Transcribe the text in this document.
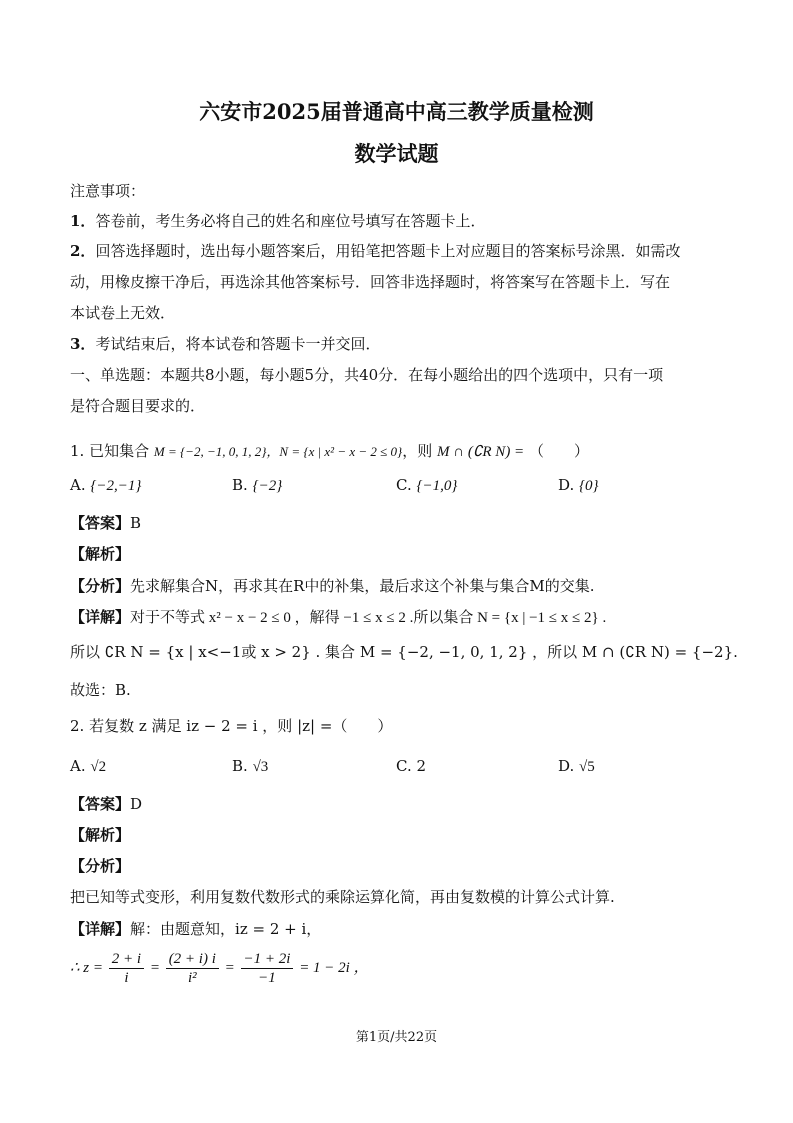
六安市2025届普通高中高三教学质量检测
数学试题
注意事项：
1．答卷前，考生务必将自己的姓名和座位号填写在答题卡上．
2．回答选择题时，选出每小题答案后，用铅笔把答题卡上对应题目的答案标号涂黑．如需改
动，用橡皮擦干净后，再选涂其他答案标号．回答非选择题时，将答案写在答题卡上．写在
本试卷上无效．
3．考试结束后，将本试卷和答题卡一并交回．
一、单选题：本题共8小题，每小题5分，共40分．在每小题给出的四个选项中，只有一项
是符合题目要求的．
1. 已知集合 M = {−2, −1, 0, 1, 2}，N = {x | x² − x − 2 ≤ 0}，则 M ∩ (∁R N) = （　　）
A. {−2,−1}	B. {−2}	C. {−1,0}	D. {0}
【答案】B
【解析】
【分析】先求解集合N，再求其在R中的补集，最后求这个补集与集合M的交集.
【详解】对于不等式 x² − x − 2 ≤ 0 ，解得 −1 ≤ x ≤ 2 .所以集合 N = {x | −1 ≤ x ≤ 2} .
所以 ∁R N = {x | x<−1或 x > 2} . 集合 M = {−2, −1, 0, 1, 2} ，所以 M ∩ (∁R N) = {−2}.
故选：B.
2. 若复数 z 满足 iz − 2 = i ，则 |z| =（　　）
A. √2	B. √3	C. 2	D. √5
【答案】D
【解析】
【分析】
把已知等式变形，利用复数代数形式的乘除运算化简，再由复数模的计算公式计算.
【详解】解：由题意知，iz = 2 + i，
∴ $z = \frac{2 + i}{i} = \frac{(2 + i) i}{\text{i²}} = \frac{-1 + 2i}{-1} = 1 - 2i$ ，
第1页/共22页
